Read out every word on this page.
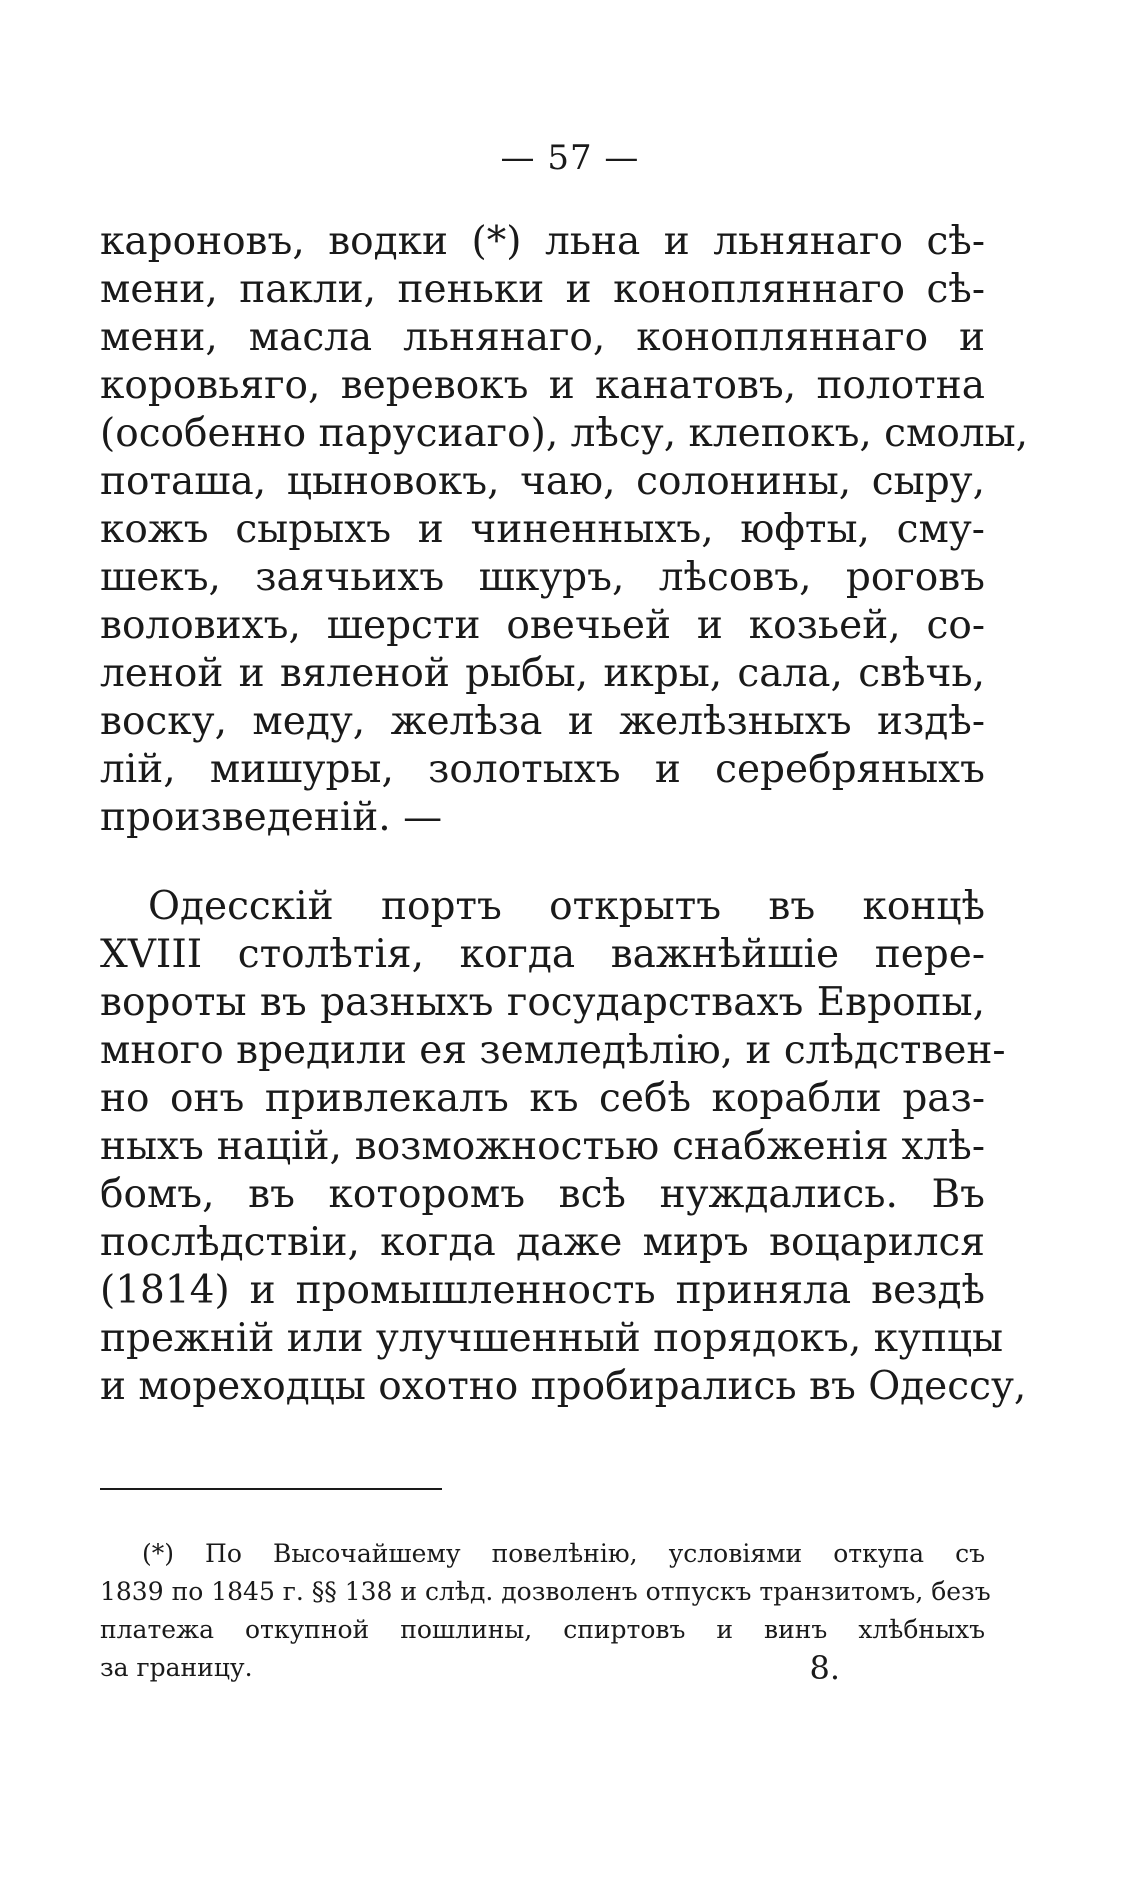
— 57 —
кароновъ, водки (*) льна и льнянаго сѣ-
мени, пакли, пеньки и конопляннаго сѣ-
мени, масла льнянаго, конопляннаго и
коровьяго, веревокъ и канатовъ, полотна
(особенно парусиаго), лѣсу, клепокъ, смолы,
поташа, цыновокъ, чаю, солонины, сыру,
кожъ сырыхъ и чиненныхъ, юфты, сму-
шекъ, заячьихъ шкуръ, лѣсовъ, роговъ
воловихъ, шерсти овечьей и козьей, со-
леной и вяленой рыбы, икры, сала, свѣчь,
воску, меду, желѣза и желѣзныхъ издѣ-
лій, мишуры, золотыхъ и серебряныхъ
произведеній. —
Одесскій портъ открытъ въ концѣ
XVIII столѣтія, когда важнѣйшіе пере-
вороты въ разныхъ государствахъ Европы,
много вредили ея земледѣлію, и слѣдствен-
но онъ привлекалъ къ себѣ корабли раз-
ныхъ націй, возможностью снабженія хлѣ-
бомъ, въ которомъ всѣ нуждались. Въ
послѣдствіи, когда даже миръ воцарился
(1814) и промышленность приняла вездѣ
прежній или улучшенный порядокъ, купцы
и мореходцы охотно пробирались въ Одессу,
(*) По Высочайшему повелѣнію, условіями откупа съ
1839 по 1845 г. §§ 138 и слѣд. дозволенъ отпускъ транзитомъ, безъ
платежа откупной пошлины, спиртовъ и винъ хлѣбныхъ
за границу.	8.
